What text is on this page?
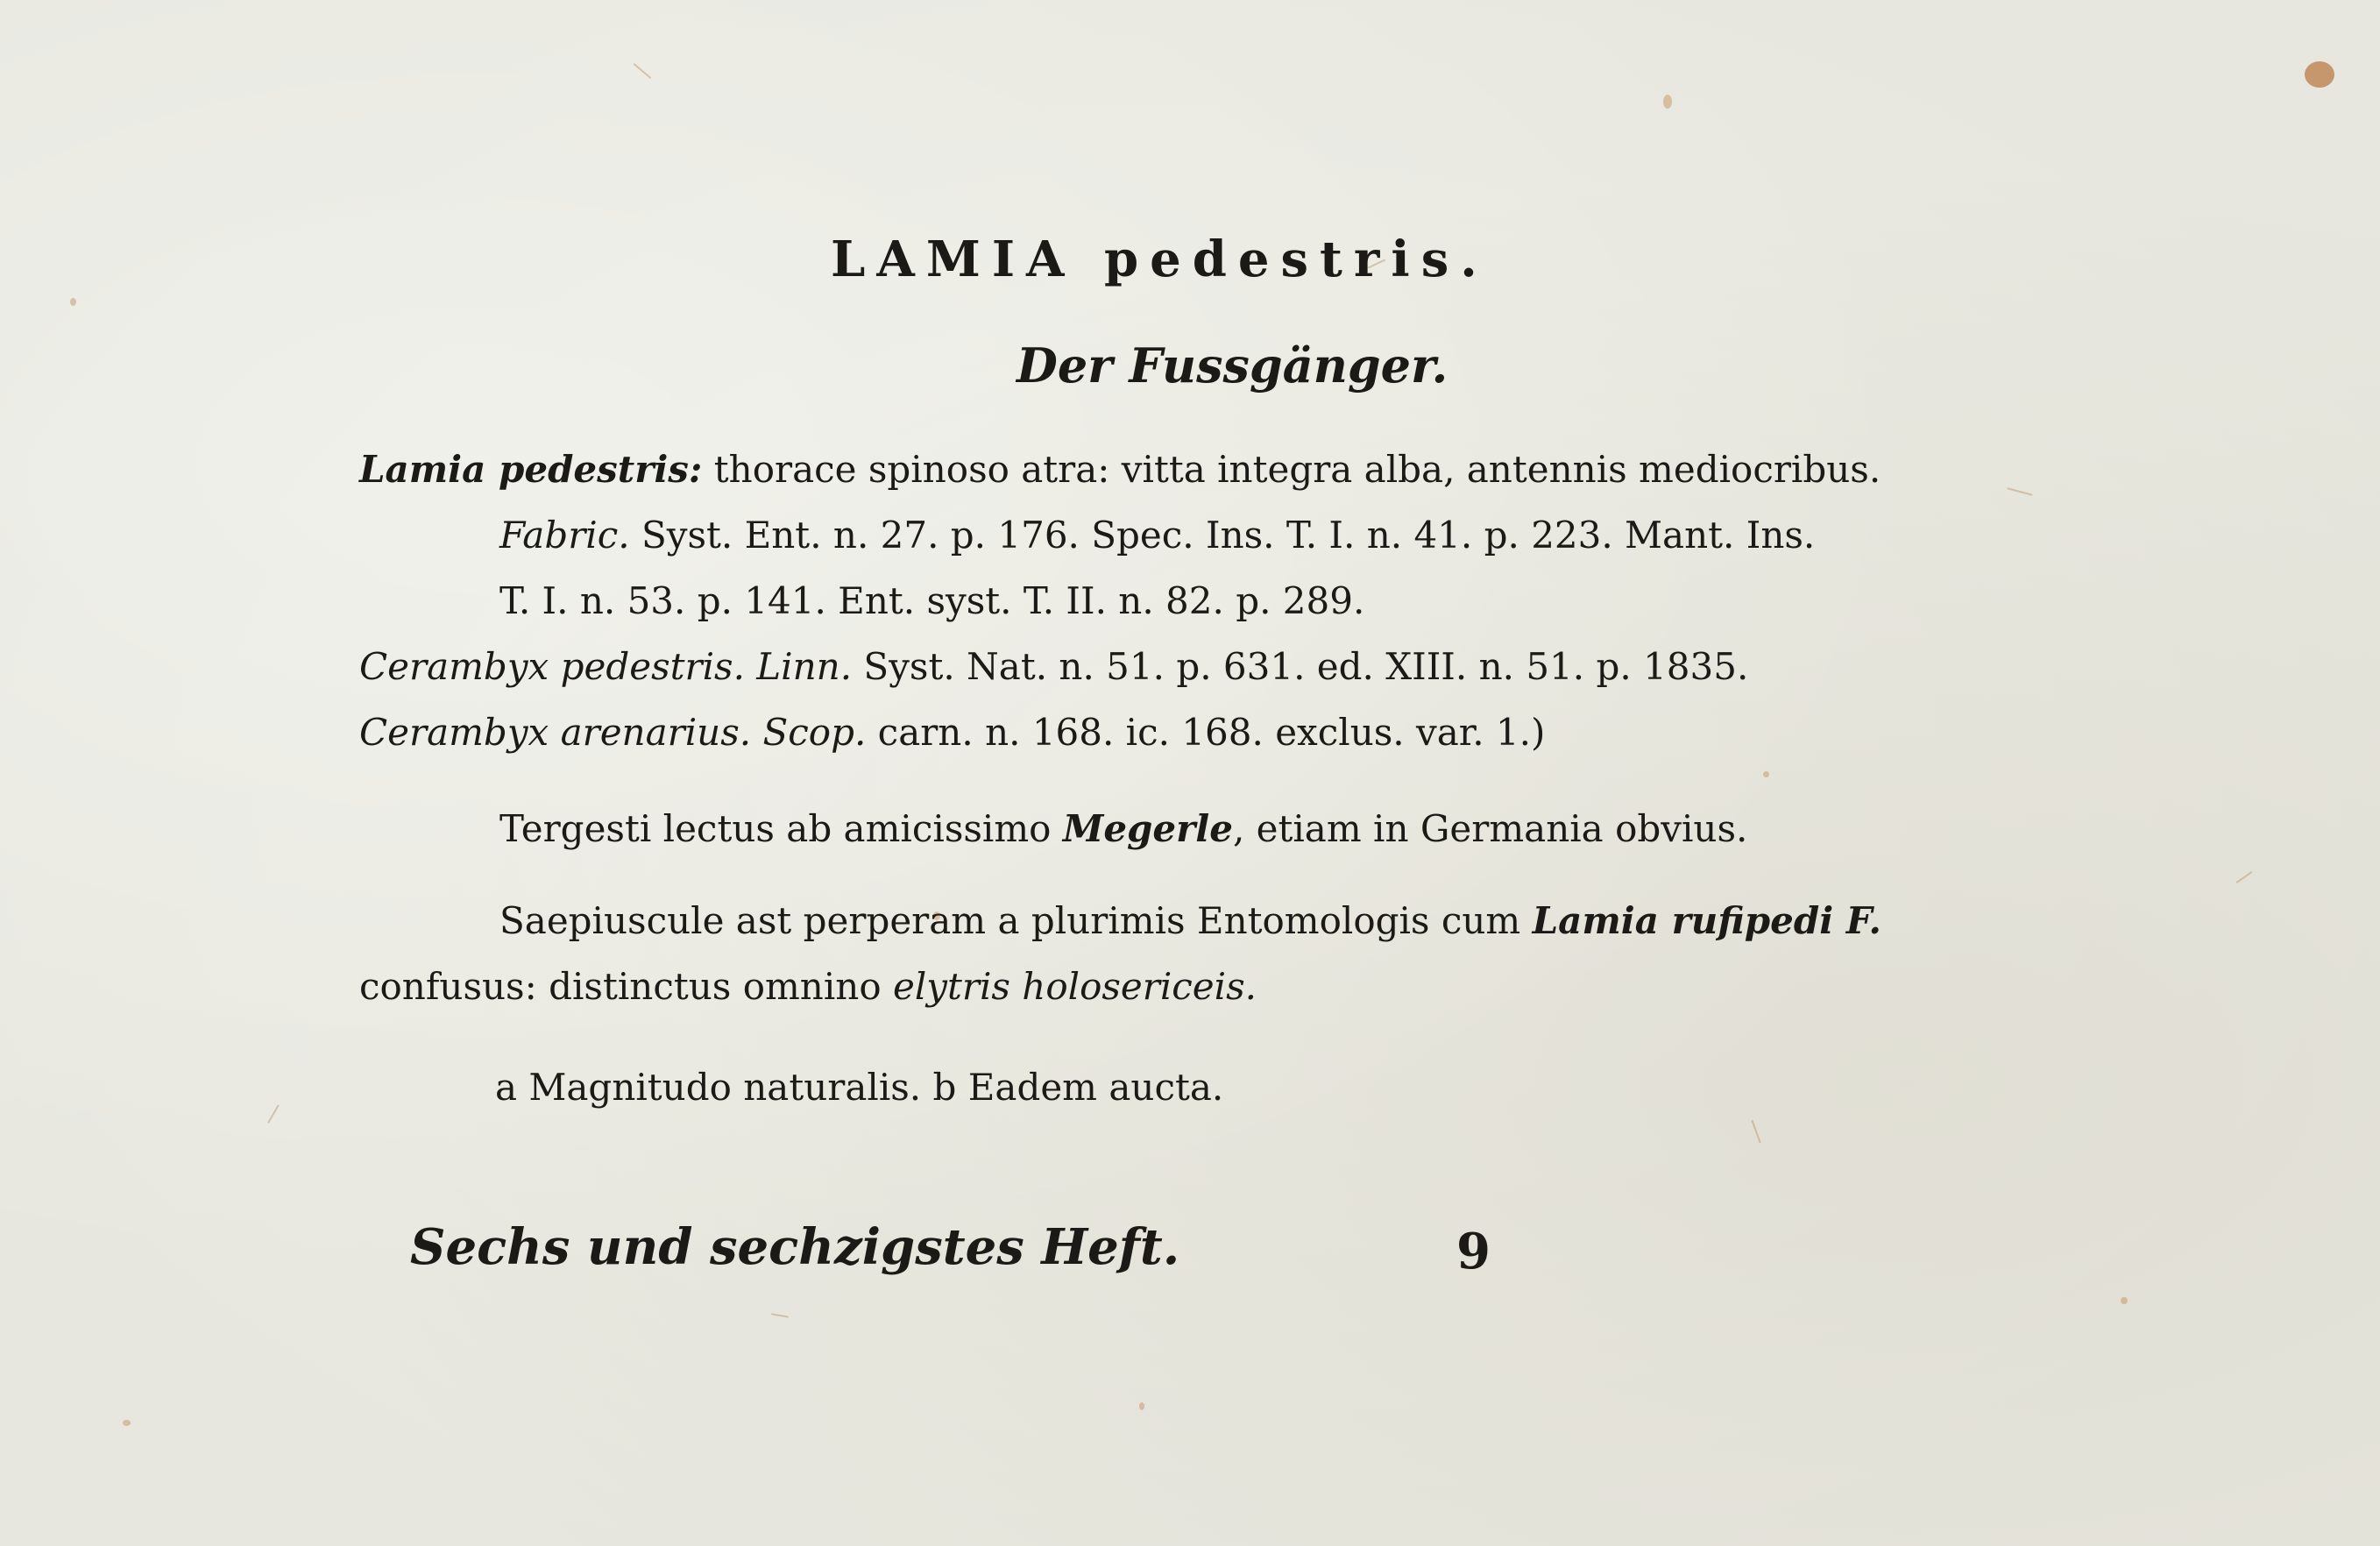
LAMIA pedestris.
Der Fussgänger.
Lamia pedestris: thorace spinoso atra: vitta integra alba, antennis mediocribus.
Fabric. Syst. Ent. n. 27. p. 176. Spec. Ins. T. I. n. 41. p. 223. Mant. Ins.
T. I. n. 53. p. 141. Ent. syst. T. II. n. 82. p. 289.
Cerambyx pedestris. Linn. Syst. Nat. n. 51. p. 631. ed. XIII. n. 51. p. 1835.
Cerambyx arenarius. Scop. carn. n. 168. ic. 168. exclus. var. 1.)
Tergesti lectus ab amicissimo Megerle, etiam in Germania obvius.
Saepiuscule ast perperam a plurimis Entomologis cum Lamia rufipedi F.
confusus: distinctus omnino elytris holosericeis.
a Magnitudo naturalis. b Eadem aucta.
Sechs und sechzigstes Heft.	9
